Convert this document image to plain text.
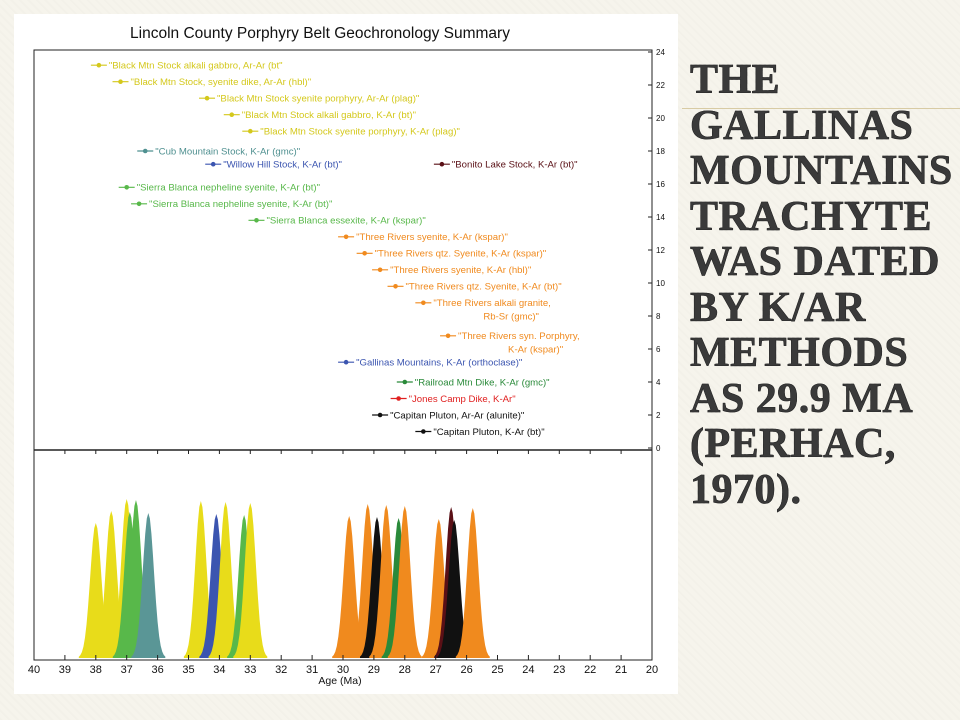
Lincoln County Porphyry Belt Geochronology Summary
"Black Mtn Stock alkali gabbro, Ar-Ar (bt"
"Black Mtn Stock, syenite dike, Ar-Ar (hbl)"
"Black Mtn Stock syenite porphyry, Ar-Ar (plag)"
"Black Mtn Stock alkali gabbro, K-Ar (bt)"
"Black Mtn Stock syenite porphyry, K-Ar (plag)"
"Cub Mountain Stock, K-Ar (gmc)"
"Willow Hill Stock, K-Ar (bt)"	"Bonito Lake Stock, K-Ar (bt)"
"Sierra Blanca nepheline syenite, K-Ar (bt)"
"Sierra Blanca nepheline syenite, K-Ar (bt)"
"Sierra Blanca essexite, K-Ar (kspar)"
"Three Rivers syenite, K-Ar (kspar)"
"Three Rivers qtz. Syenite, K-Ar (kspar)"
"Three Rivers syenite, K-Ar (hbl)"
"Three Rivers qtz. Syenite, K-Ar (bt)"
"Three Rivers alkali granite,
Rb-Sr (gmc)"
"Three Rivers syn. Porphyry,
K-Ar (kspar)"
"Gallinas Mountains, K-Ar (orthoclase)"
"Railroad Mtn Dike, K-Ar (gmc)"
"Jones Camp Dike, K-Ar"
"Capitan Pluton, Ar-Ar (alunite)"
"Capitan Pluton, K-Ar (bt)"
40 39 38 37 36 35 34 33 32 31 30 29 28 27 26 25 24 23 22 21 20
0
2
4
6
8
10
12
14
16
18
20
22
24
Age (Ma)
THE GALLINAS MOUNTAINS TRACHYTE WAS DATED BY K/AR METHODS AS 29.9 MA (PERHAC, 1970).
